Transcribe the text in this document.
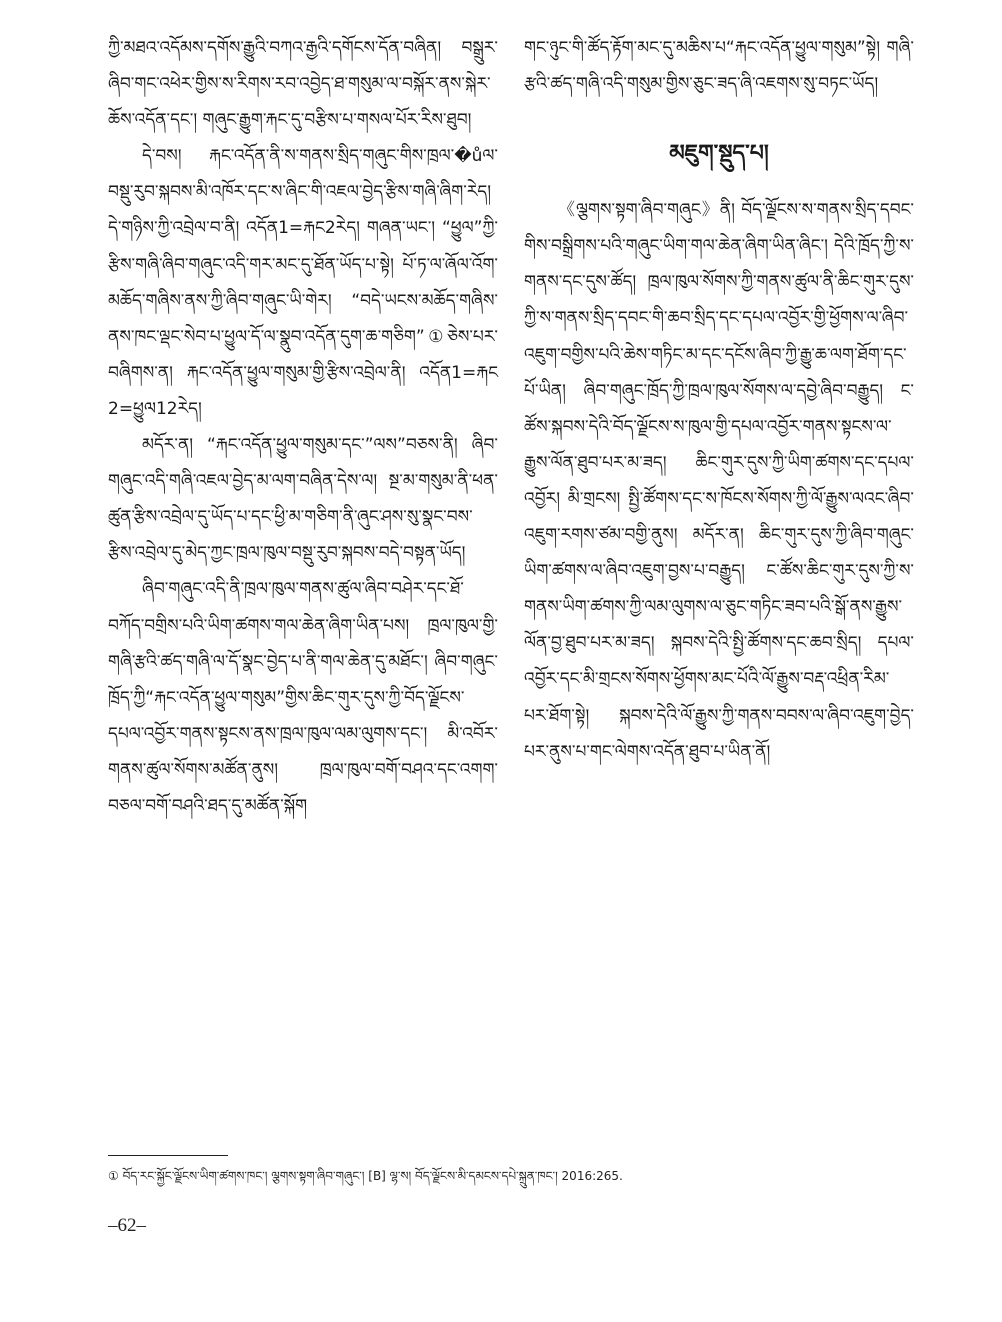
ཀྱི་མཐའ་འདོམས་དགོས་རྒྱུའི་བཀའ་རྒྱའི་དགོངས་དོན་བཞིན། བསྒྲུར་ཞིབ་གང་འཕེར་གྱིས་ས་རིགས་རབ་འབྱེད་ཐ་གསུམ་ལ་བསྐོར་ནས་སྐེར་ཆོས་འདོན་དང་། གཞུང་རྒྱུག་རྐང་དུ་བརྩིས་པ་གསལ་པོར་རིས་ཐུབ།

དེ་བས། རྐང་འདོན་ནི་ས་གནས་སྲིད་གཞུང་གིས་ཁྲལ་�ůལ་བསྡུ་རུབ་སྐབས་མི་འཁོར་དང་ས་ཞིང་གི་འཇལ་བྱེད་རྩིས་གཞི་ཞིག་རེད། དེ་གཉིས་ཀྱི་འབྲེལ་བ་ནི། འདོན1=རྐང2རེད། གཞན་ཡང་། “ཕྱུལ”ཀྱི་རྩིས་གཞི་ཞིབ་གཞུང་འདི་གར་མང་དུ་ཐོན་ཡོད་པ་སྟེ། པོ་ཏ་ལ་ཞོལ་འོག་མཆོད་གཞིས་ནས་ཀྱི་ཞིབ་གཞུང་ཡི་གེར། “བདེ་ཡངས་མཆོད་གཞིས་ནས་ཁང་ལྡང་སེབ་པ་ཕྱུལ་དོ་ལ་སྣུབ་འདོན་དུག་ཆ་གཅིག”①ཅེས་པར་བཞིགས་ན། རྐང་འདོན་ཕྱུལ་གསུམ་གྱི་རྩིས་འབྲེལ་ནི། འདོན1=རྐང 2=ཕྱུལ12རེད།

མདོར་ན། “རྐང་འདོན་ཕྱུལ་གསུམ་དང་”ལས”བཅས་ནི། ཞིབ་གཞུང་འདི་གཞི་འཇལ་བྱེད་མ་ལག་བཞིན་དེས་ལ། སྔ་མ་གསུམ་ནི་ཕན་ཚུན་རྩིས་འབྲེལ་དུ་ཡོད་པ་དང་ཕྱི་མ་གཅིག་ནི་ཞུང་ཤས་སུ་སྣང་བས་རྩིས་འབྲེལ་དུ་མེད་ཀྱང་ཁྲལ་ཁུལ་བསྡུ་རུབ་སྐབས་བདེ་བསྟན་ཡོད།

ཞིབ་གཞུང་འདི་ནི་ཁྲལ་ཁུལ་གནས་ཚུལ་ཞིབ་བཤེར་དང་ཐོ་བཀོད་བགྲིས་པའི་ཡིག་ཚགས་གལ་ཆེན་ཞིག་ཡིན་པས། ཁྲལ་ཁུལ་གྱི་གཞི་རྩའི་ཚད་གཞི་ལ་དོ་སྣང་བྱེད་པ་ནི་གལ་ཆེན་དུ་མཐོང་། ཞིབ་གཞུང་ཁྲོད་ཀྱི“རྐང་འདོན་ཕྱུལ་གསུམ”གྱིས་ཆིང་གུར་དུས་ཀྱི་བོད་ལྗོངས་དཔལ་འབྱོར་གནས་སྟངས་ནས་ཁྲལ་ཁུལ་ལམ་ལུགས་དང་། མི་འབོར་གནས་ཚུལ་སོགས་མཚོན་ནུས། ཁྲལ་ཁུལ་བགོ་བཤའ་དང་འགག་བཅལ་བགོ་བཤའི་ཐད་དུ་མཚོན་སྐོག

གང་ཉུང་གི་ཚོད་རྟོག་མང་དུ་མཆིས་པ“རྐང་འདོན་ཕྱུལ་གསུམ”སྟེ། གཞི་རྩའི་ཚད་གཞི་འདི་གསུམ་གྱིས་ཅུང་ཟད་ཞི་འཇགས་སུ་བཏང་ཡོད།

མཇུག་སྡུད་པ།

《ལྕགས་སྟག་ཞིབ་གཞུང》ནི། བོད་ལྗོངས་ས་གནས་སྲིད་དབང་གིས་བསྒྲིགས་པའི་གཞུང་ཡིག་གལ་ཆེན་ཞིག་ཡིན་ཞིང་། དེའི་ཁྲོད་ཀྱི་ས་གནས་དང་དུས་ཚོད། ཁྲལ་ཁུལ་སོགས་ཀྱི་གནས་ཚུལ་ནི་ཆིང་གུར་དུས་ཀྱི་ས་གནས་སྲིད་དབང་གི་ཆབ་སྲིད་དང་དཔལ་འབྱོར་གྱི་ཕྱོགས་ལ་ཞིབ་འཇུག་བགྱིས་པའི་ཆེས་གཏིང་མ་དང་དངོས་ཞིབ་ཀྱི་རྒྱུ་ཆ་ལག་ཐོག་དང་པོ་ཡིན། ཞིབ་གཞུང་ཁྲོད་ཀྱི་ཁྲལ་ཁུལ་སོགས་ལ་དབྱེ་ཞིབ་བརྒྱུད། ང་ཚོས་སྐབས་དེའི་བོད་ལྗོངས་ས་ཁུལ་གྱི་དཔལ་འབྱོར་གནས་སྟངས་ལ་རྒྱུས་ལོན་ཐུབ་པར་མ་ཟད། ཆིང་གུར་དུས་ཀྱི་ཡིག་ཚགས་དང་དཔལ་འབྱོར། མི་གྲངས། སྤྱི་ཚོགས་དང་ས་ཁོངས་སོགས་ཀྱི་ལོ་རྒྱུས་ལའང་ཞིབ་འཇུག་རགས་ཙམ་བགྱི་ནུས། མདོར་ན། ཆིང་གུར་དུས་ཀྱི་ཞིབ་གཞུང་ཡིག་ཚགས་ལ་ཞིབ་འཇུག་བྱས་པ་བརྒྱུད། ང་ཚོས་ཆིང་གུར་དུས་ཀྱི་ས་གནས་ཡིག་ཚགས་ཀྱི་ལམ་ལུགས་ལ་ཅུང་གཏིང་ཟབ་པའི་སྒོ་ནས་རྒྱུས་ལོན་བྱ་ཐུབ་པར་མ་ཟད། སྐབས་དེའི་སྤྱི་ཚོགས་དང་ཆབ་སྲིད། དཔལ་འབྱོར་དང་མི་གྲངས་སོགས་ཕྱོགས་མང་པོའི་ལོ་རྒྱུས་བརྡ་འཕྲིན་རིམ་པར་ཐོག་སྟེ། སྐབས་དེའི་ལོ་རྒྱུས་ཀྱི་གནས་བབས་ལ་ཞིབ་འཇུག་བྱེད་པར་ནུས་པ་གང་ལེགས་འདོན་ཐུབ་པ་ཡིན་ནོ།

① བོད་རང་སྐྱོང་ལྗོངས་ཡིག་ཚགས་ཁང་། ལྕགས་སྟག་ཞིབ་གཞུང་། [B] ལྷ་ས། བོད་ལྗོངས་མི་དམངས་དཔེ་སྐྲུན་ཁང་། 2016:265.
–62–
